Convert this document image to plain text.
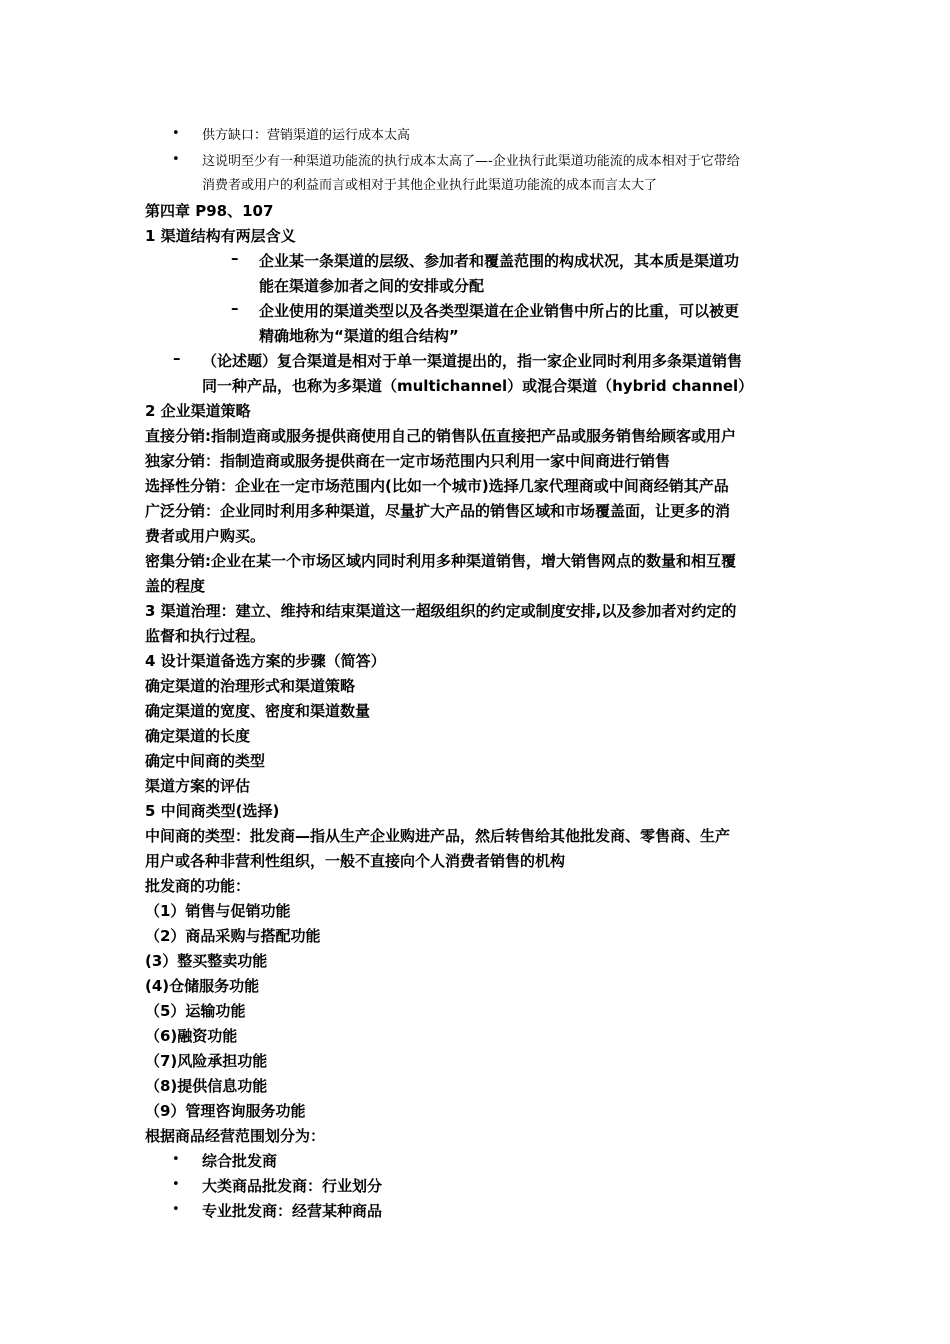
• 供方缺口：营销渠道的运行成本太高
• 这说明至少有一种渠道功能流的执行成本太高了—-企业执行此渠道功能流的成本相对于它带给
消费者或用户的利益而言或相对于其他企业执行此渠道功能流的成本而言太大了
第四章 P98、107
1 渠道结构有两层含义
– 企业某一条渠道的层级、参加者和覆盖范围的构成状况，其本质是渠道功
能在渠道参加者之间的安排或分配
– 企业使用的渠道类型以及各类型渠道在企业销售中所占的比重，可以被更
精确地称为“渠道的组合结构”
– （论述题）复合渠道是相对于单一渠道提出的，指一家企业同时利用多条渠道销售
同一种产品，也称为多渠道（multichannel）或混合渠道（hybrid channel）
2 企业渠道策略
直接分销:指制造商或服务提供商使用自己的销售队伍直接把产品或服务销售给顾客或用户
独家分销：指制造商或服务提供商在一定市场范围内只利用一家中间商进行销售
选择性分销：企业在一定市场范围内(比如一个城市)选择几家代理商或中间商经销其产品
广泛分销：企业同时利用多种渠道，尽量扩大产品的销售区域和市场覆盖面，让更多的消
费者或用户购买。
密集分销:企业在某一个市场区域内同时利用多种渠道销售，增大销售网点的数量和相互覆
盖的程度
3 渠道治理：建立、维持和结束渠道这一超级组织的约定或制度安排,以及参加者对约定的
监督和执行过程。
4 设计渠道备选方案的步骤（简答）
确定渠道的治理形式和渠道策略
确定渠道的宽度、密度和渠道数量
确定渠道的长度
确定中间商的类型
渠道方案的评估
5 中间商类型(选择)
中间商的类型：批发商—指从生产企业购进产品，然后转售给其他批发商、零售商、生产
用户或各种非营利性组织，一般不直接向个人消费者销售的机构
批发商的功能：
（1）销售与促销功能
（2）商品采购与搭配功能
(3）整买整卖功能
(4)仓储服务功能
（5）运输功能
（6)融资功能
（7)风险承担功能
（8)提供信息功能
（9）管理咨询服务功能
根据商品经营范围划分为：
• 综合批发商
• 大类商品批发商：行业划分
• 专业批发商：经营某种商品
